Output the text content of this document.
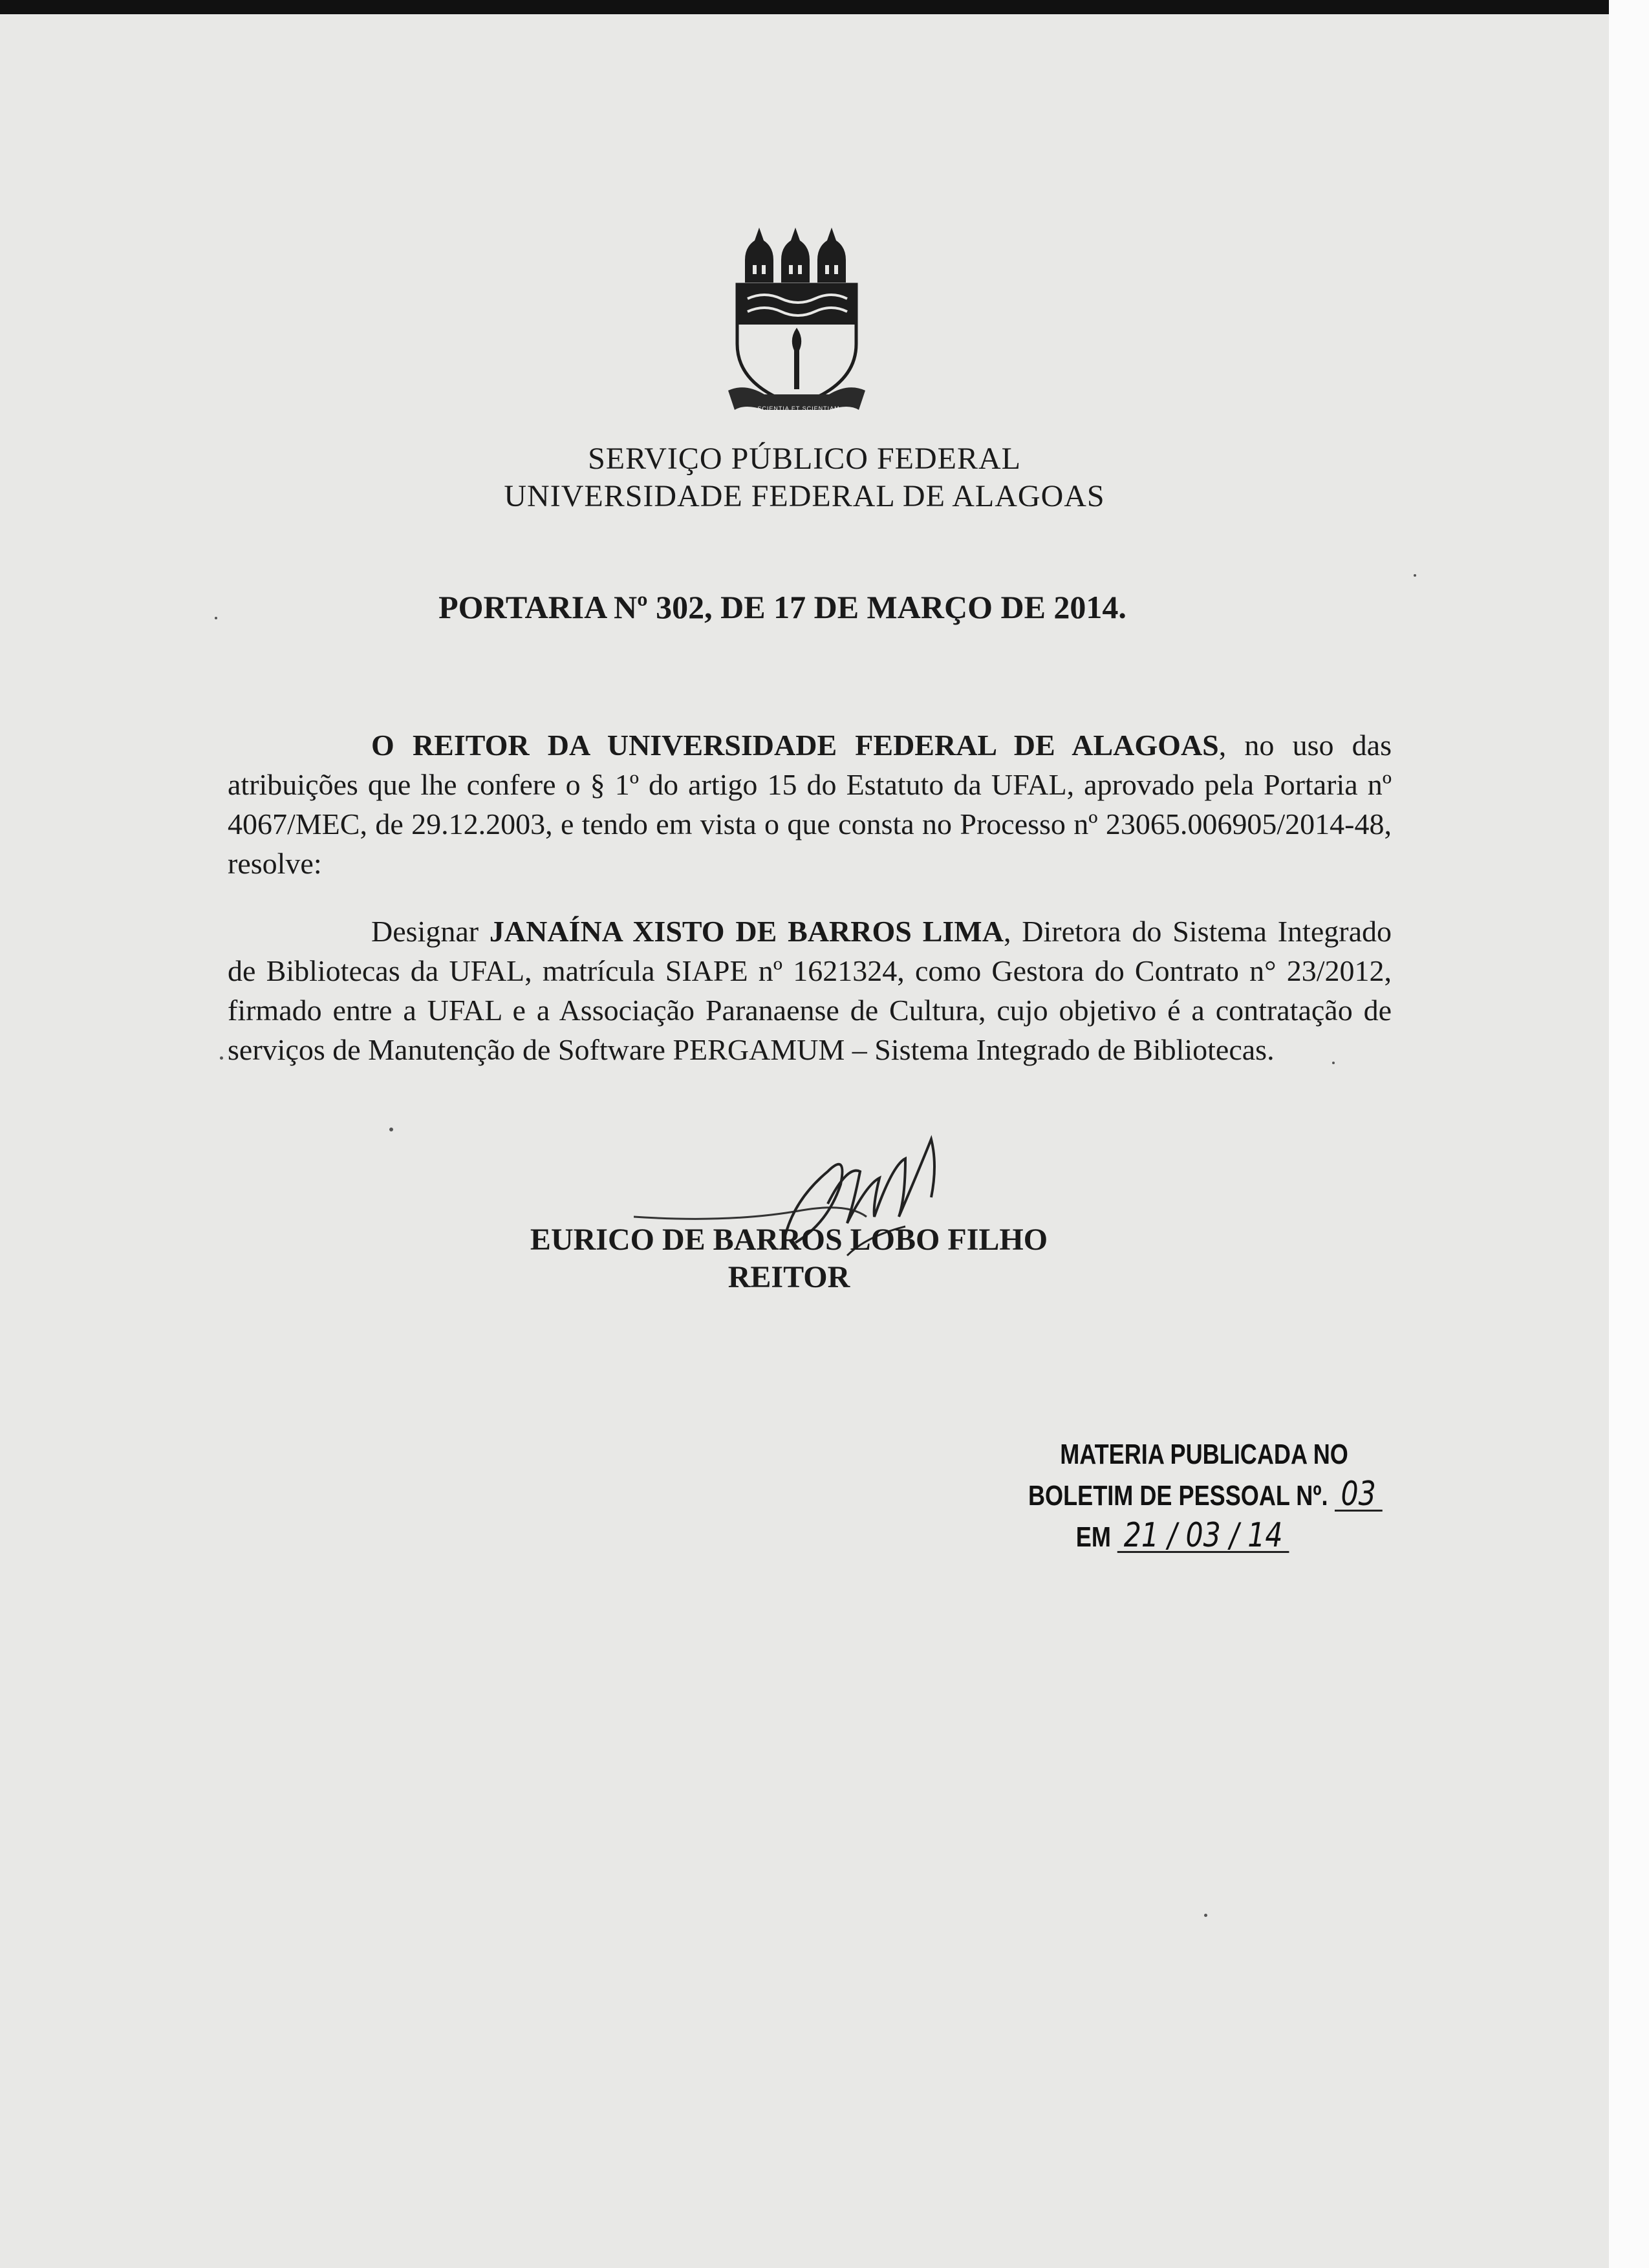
SCIENTIA ET SCIENTIAM
SERVIÇO PÚBLICO FEDERAL
UNIVERSIDADE FEDERAL DE ALAGOAS
PORTARIA Nº 302, DE 17 DE MARÇO DE 2014.

O REITOR DA UNIVERSIDADE FEDERAL DE ALAGOAS, no uso das atribuições que lhe confere o § 1º do artigo 15 do Estatuto da UFAL, aprovado pela Portaria nº 4067/MEC, de 29.12.2003, e tendo em vista o que consta no Processo nº 23065.006905/2014-48, resolve:

Designar JANAÍNA XISTO DE BARROS LIMA, Diretora do Sistema Integrado de Bibliotecas da UFAL, matrícula SIAPE nº 1621324, como Gestora do Contrato n° 23/2012, firmado entre a UFAL e a Associação Paranaense de Cultura, cujo objetivo é a contratação de serviços de Manutenção de Software PERGAMUM – Sistema Integrado de Bibliotecas.

EURICO DE BARROS LOBO FILHO
REITOR
MATERIA PUBLICADA NO
BOLETIM DE PESSOAL Nº. 03
EM 21 / 03 / 14
